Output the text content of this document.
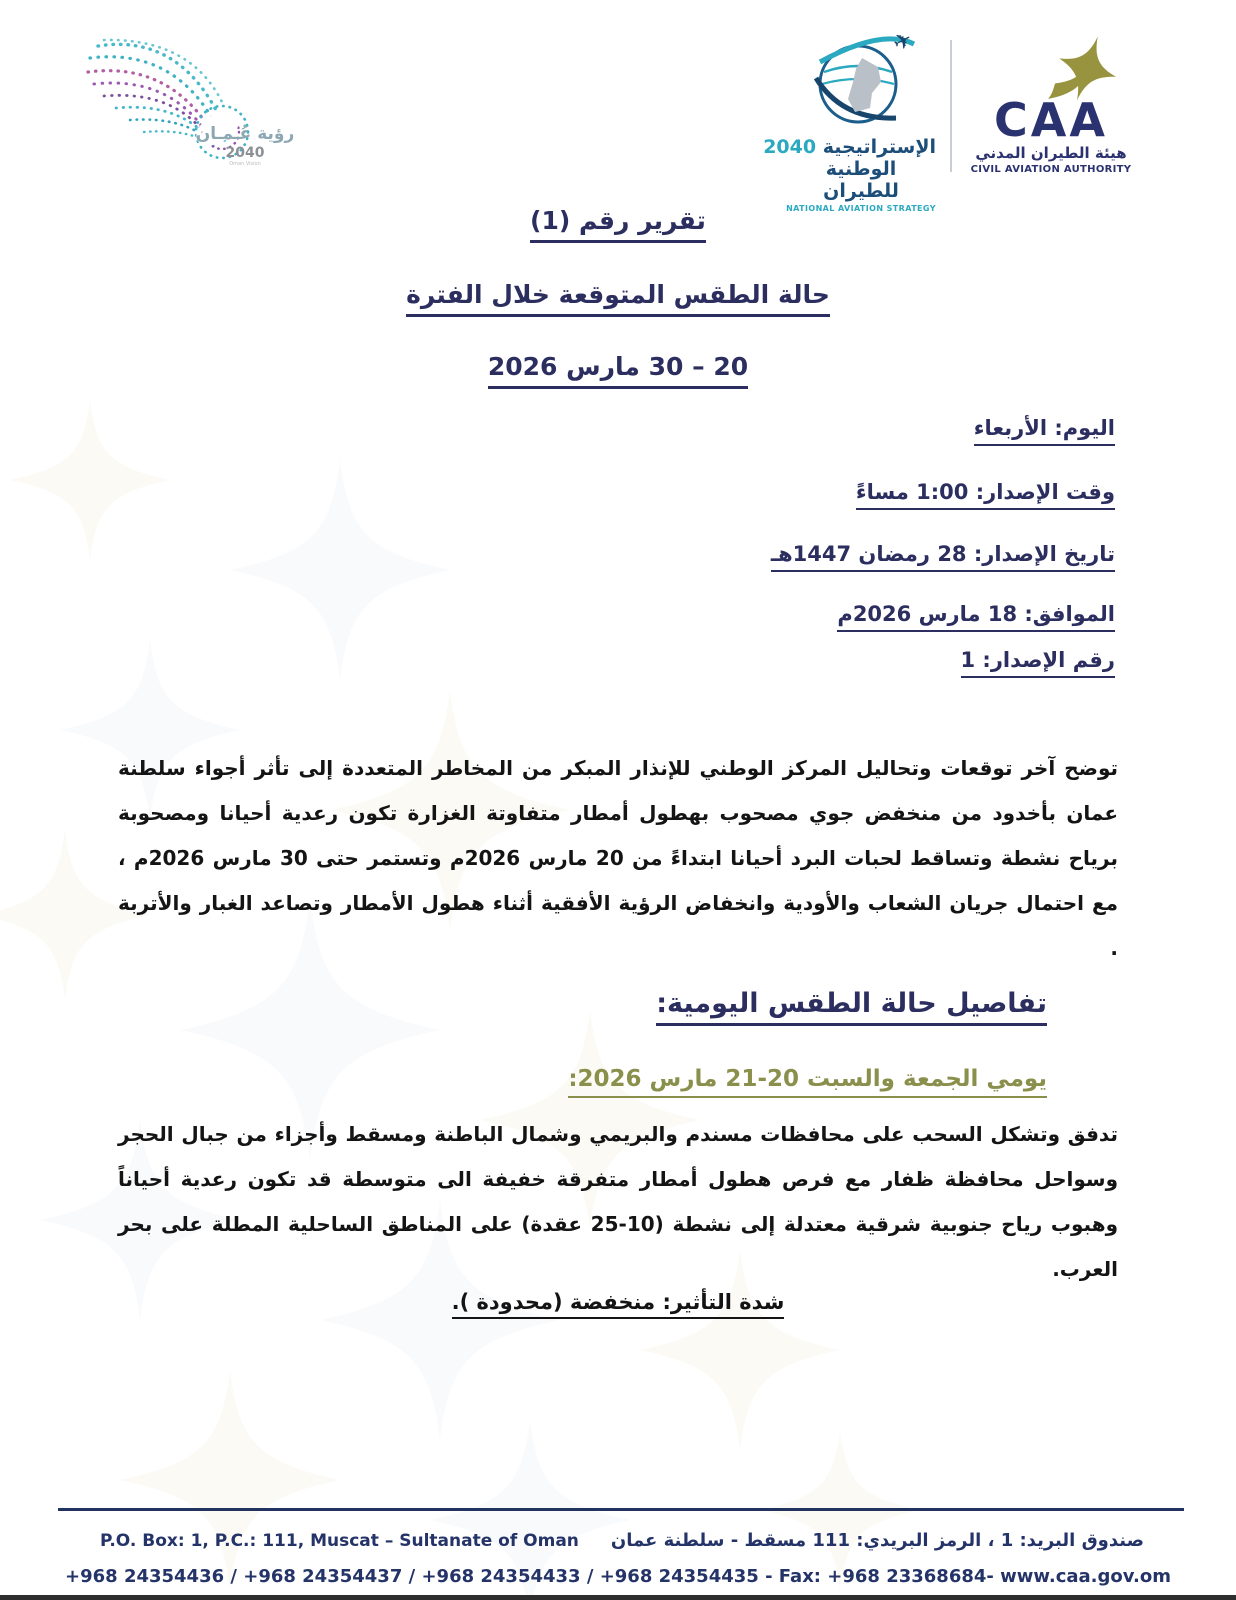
رؤية عُـمـان
2040
Oman Vision
✈
الإستراتيجية 2040
الوطنية للطيران
NATIONAL AVIATION STRATEGY
CAA
هيئة الطيران المدني
CIVIL AVIATION AUTHORITY
تقرير رقم (1)
حالة الطقس المتوقعة خلال الفترة
20 – 30 مارس 2026
اليوم: الأربعاء
وقت الإصدار: 1:00 مساءً
تاريخ الإصدار: 28 رمضان 1447هـ
الموافق: 18 مارس 2026م
رقم الإصدار: 1

توضح آخر توقعات وتحاليل المركز الوطني للإنذار المبكر من المخاطر المتعددة إلى تأثر أجواء سلطنة عمان بأخدود من منخفض جوي مصحوب بهطول أمطار متفاوتة الغزارة تكون رعدية أحيانا ومصحوبة برياح نشطة وتساقط لحبات البرد أحيانا ابتداءً من 20 مارس 2026م وتستمر حتى 30 مارس 2026م ، مع احتمال جريان الشعاب والأودية وانخفاض الرؤية الأفقية أثناء هطول الأمطار وتصاعد الغبار والأتربة .

تفاصيل حالة الطقس اليومية:
يومي الجمعة والسبت 20-21 مارس 2026:

تدفق وتشكل السحب على محافظات مسندم والبريمي وشمال الباطنة ومسقط وأجزاء من جبال الحجر وسواحل محافظة ظفار مع فرص هطول أمطار متفرقة خفيفة الى متوسطة قد تكون رعدية أحياناً وهبوب رياح جنوبية شرقية معتدلة إلى نشطة (10-25 عقدة) على المناطق الساحلية المطلة على بحر العرب.

شدة التأثير: منخفضة (محدودة ).
P.O. Box: 1, P.C.: 111, Muscat – Sultanate of Oman صندوق البريد: 1 ، الرمز البريدي: 111 مسقط - سلطنة عمان
+968 24354436 / +968 24354437 / +968 24354433 / +968 24354435 - Fax: +968 23368684- www.caa.gov.om
